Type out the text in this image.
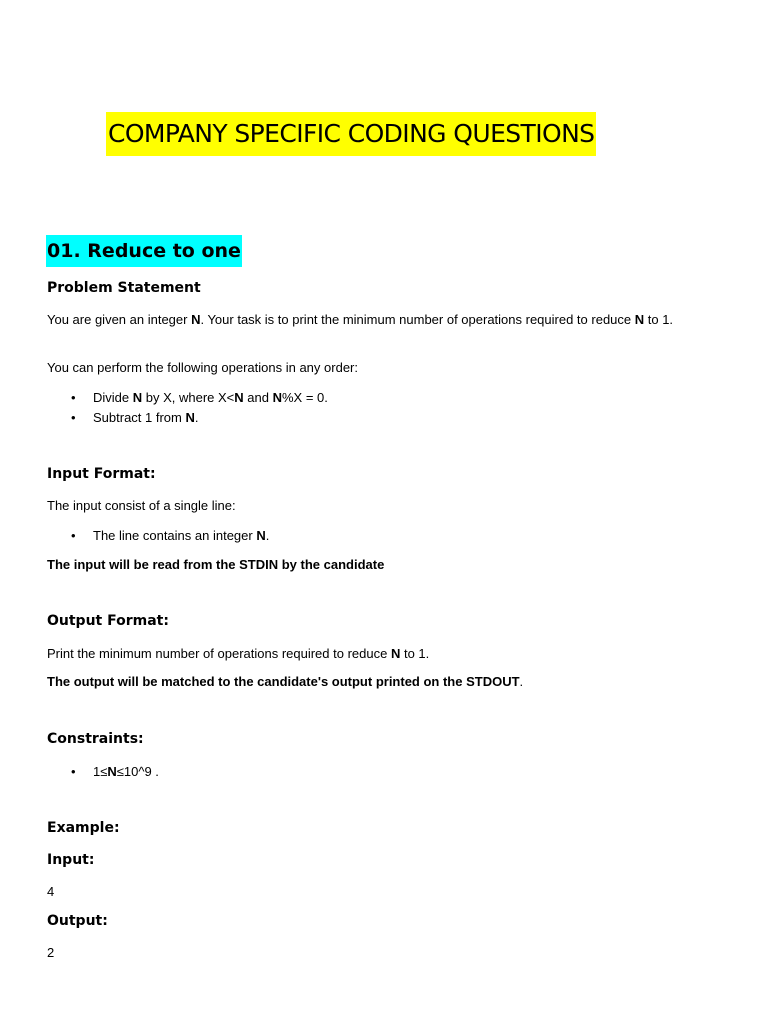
COMPANY SPECIFIC CODING QUESTIONS
01. Reduce to one
Problem Statement
You are given an integer N. Your task is to print the minimum number of operations required to reduce N to 1.
You can perform the following operations in any order:
• Divide N by X, where X<N and N%X = 0.
• Subtract 1 from N.
Input Format:
The input consist of a single line:
• The line contains an integer N.
The input will be read from the STDIN by the candidate
Output Format:
Print the minimum number of operations required to reduce N to 1.
The output will be matched to the candidate's output printed on the STDOUT.
Constraints:
• 1≤N≤10^9 .
Example:
Input:
4
Output:
2
